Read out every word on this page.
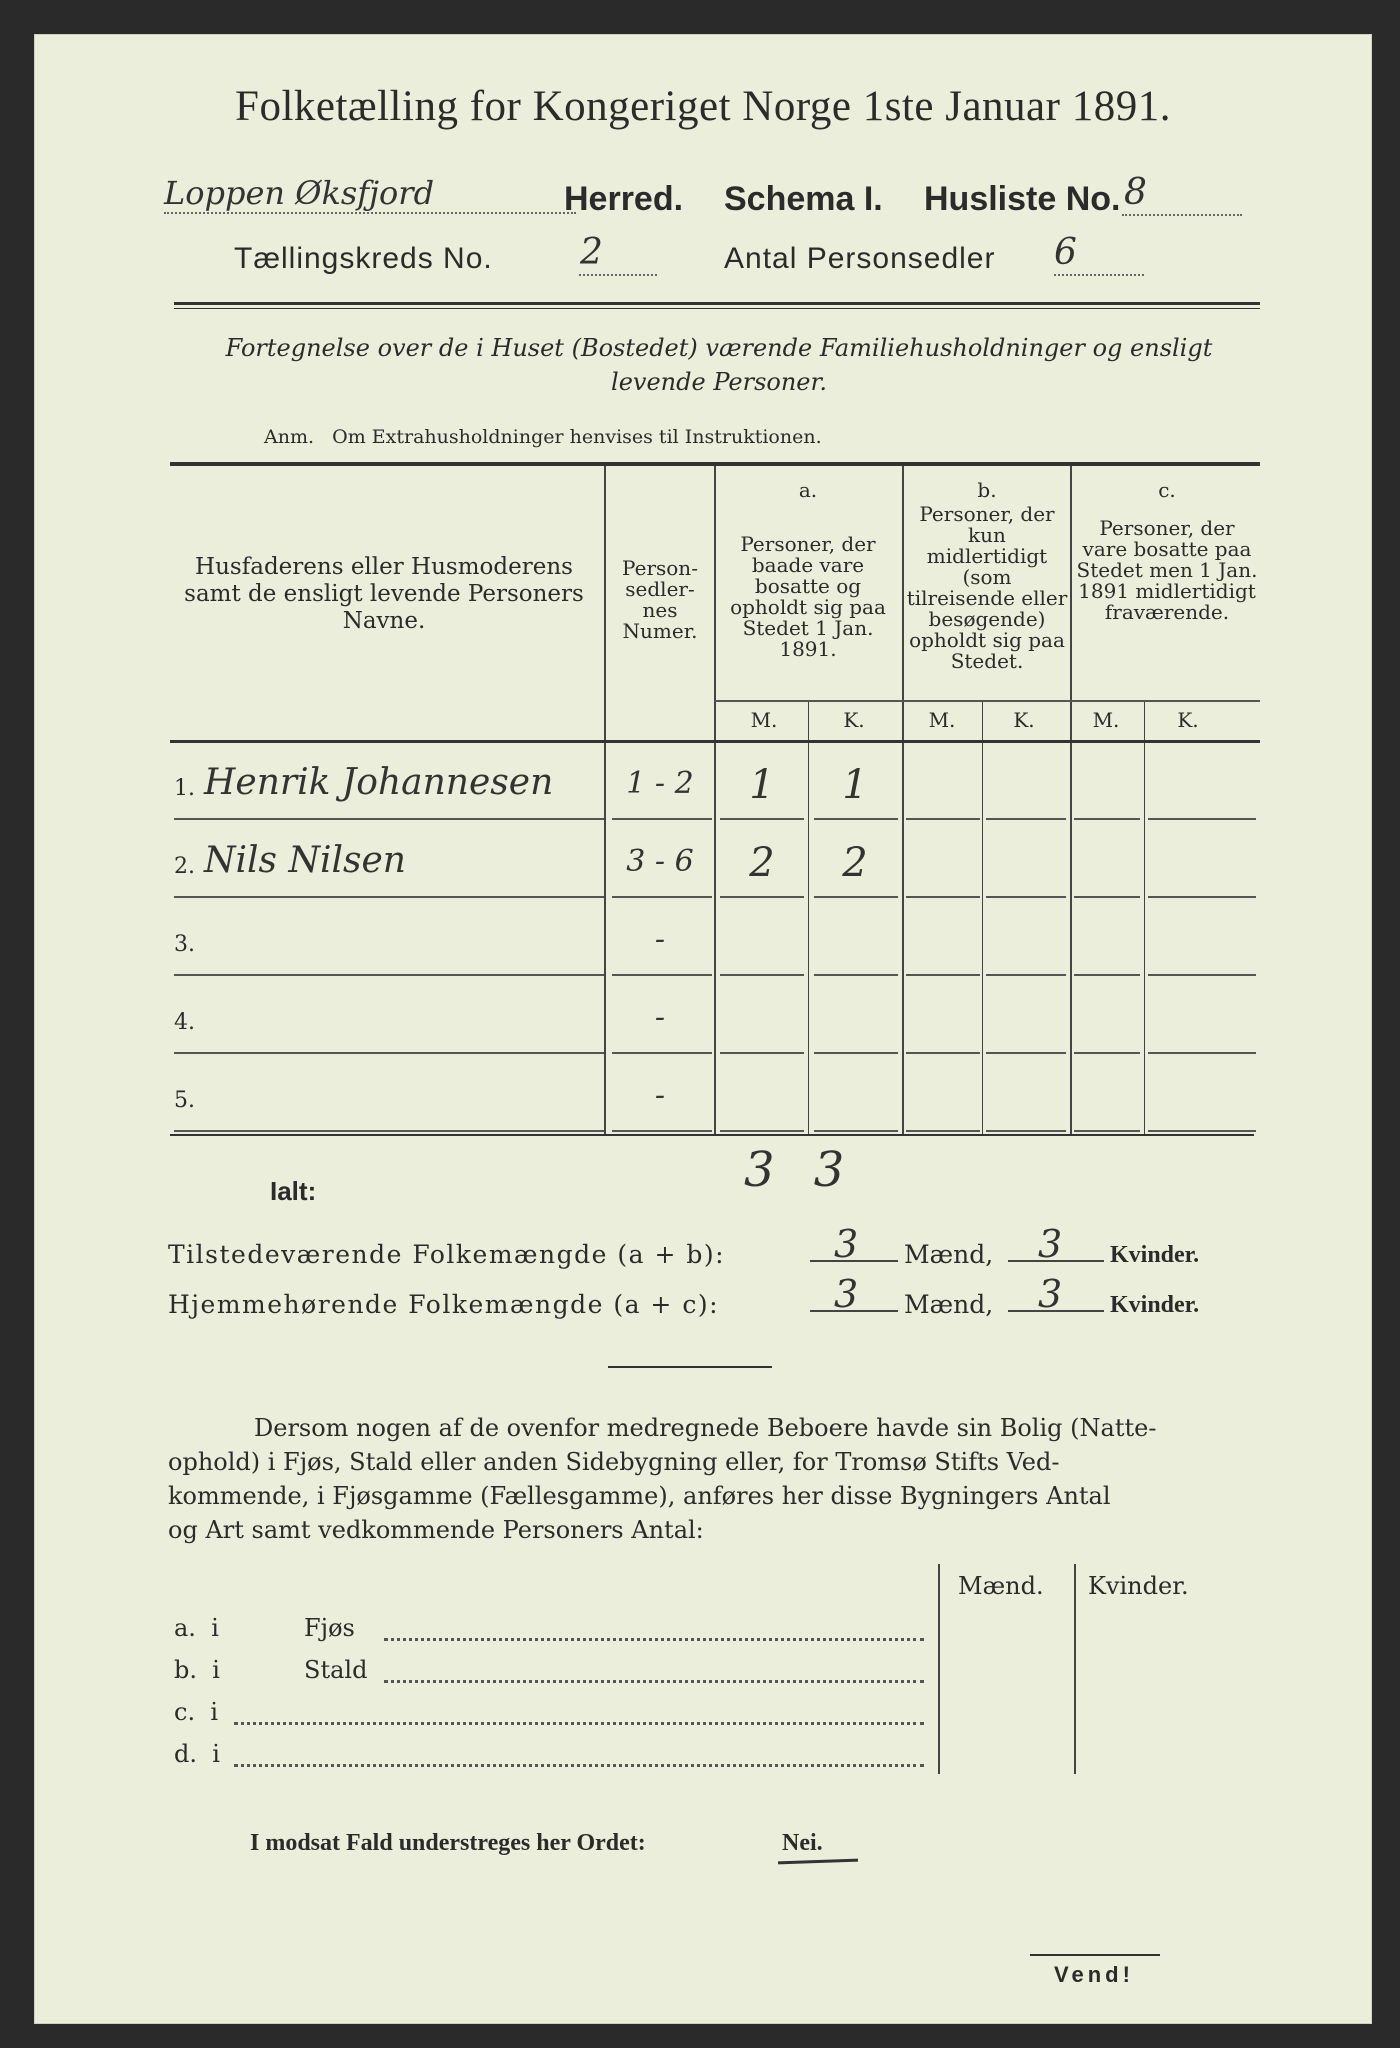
Folketælling for Kongeriget Norge 1ste Januar 1891.
Loppen Øksfjord	Herred. Schema I. Husliste No. 8
Tællingskreds No. 2	Antal Personsedler 6
Fortegnelse over de i Huset (Bostedet) værende Familiehusholdninger og ensligt
levende Personer.
Anm.   Om Extrahusholdninger henvises til Instruktionen.
Husfaderens eller Husmoderens samt de ensligt levende Personers Navne.
Person-sedler-nes Numer.
a.
Personer, der baade vare bosatte og opholdt sig paa Stedet 1 Jan. 1891.
b.
Personer, der kun midlertidigt (som tilreisende eller besøgende) opholdt sig paa Stedet.
c.
Personer, der vare bosatte paa Stedet men 1 Jan. 1891 midlertidigt fraværende.
M.	K.	M.	K.	M.	K.
1. Henrik Johannesen	1 - 2	1	1
2. Nils Nilsen	3 - 6	2	2
3.	-
4.	-
5.	-
3 3
Ialt:
Tilstedeværende Folkemængde (a + b):	3 Mænd, 3 Kvinder.
Hjemmehørende Folkemængde (a + c):	3 Mænd, 3 Kvinder.
Dersom nogen af de ovenfor medregnede Beboere havde sin Bolig (Natte-
ophold) i Fjøs, Stald eller anden Sidebygning eller, for Tromsø Stifts Ved-
kommende, i Fjøsgamme (Fællesgamme), anføres her disse Bygningers Antal
og Art samt vedkommende Personers Antal:
Mænd. Kvinder.
a.  i	Fjøs
b.  i	Stald
c.  i
d.  i
I modsat Fald understreges her Ordet:	Nei.
Vend!
